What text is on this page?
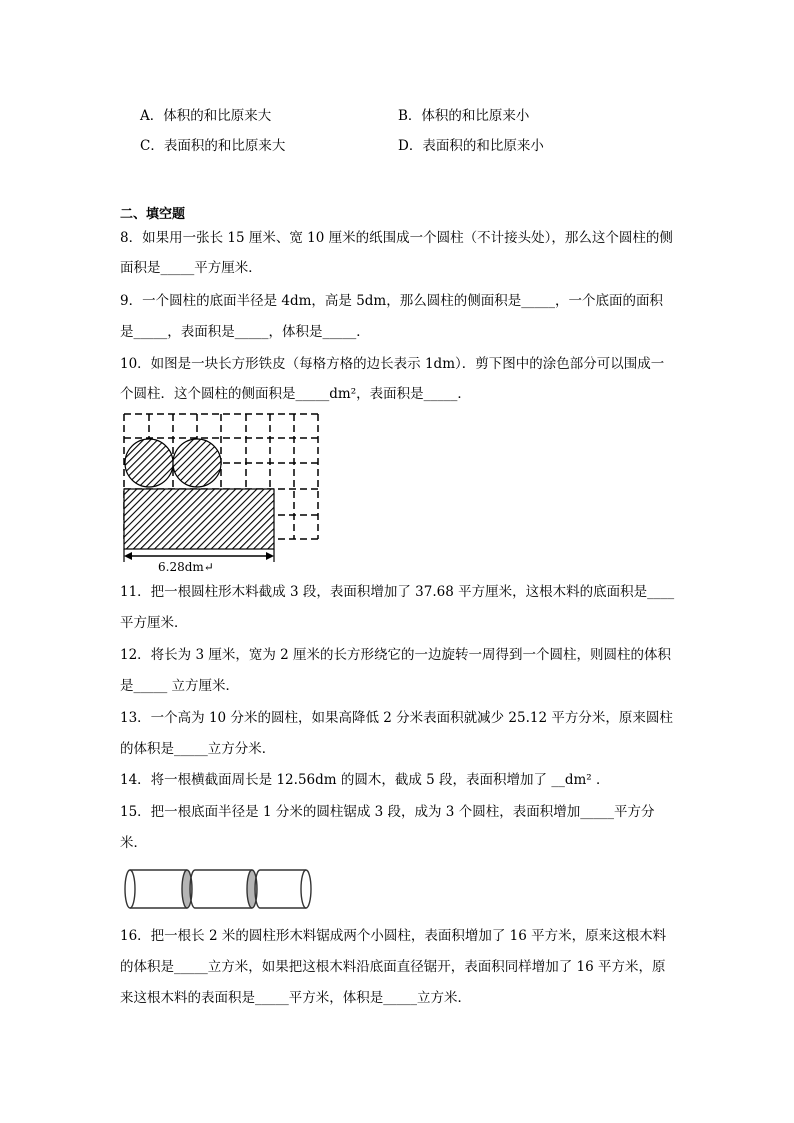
A．体积的和比原来大	B．体积的和比原来小
C．表面积的和比原来大	D．表面积的和比原来小
二、填空题
8．如果用一张长 15 厘米、宽 10 厘米的纸围成一个圆柱（不计接头处），那么这个圆柱的侧
面积是_____平方厘米．
9．一个圆柱的底面半径是 4dm，高是 5dm，那么圆柱的侧面积是_____，一个底面的面积
是_____，表面积是_____，体积是_____．
10．如图是一块长方形铁皮（每格方格的边长表示 1dm）．剪下图中的涂色部分可以围成一
个圆柱．这个圆柱的侧面积是_____dm²，表面积是_____．
6.28dm↵
11．把一根圆柱形木料截成 3 段，表面积增加了 37.68 平方厘米，这根木料的底面积是____
平方厘米．
12．将长为 3 厘米，宽为 2 厘米的长方形绕它的一边旋转一周得到一个圆柱，则圆柱的体积
是_____ 立方厘米．
13．一个高为 10 分米的圆柱，如果高降低 2 分米表面积就减少 25.12 平方分米，原来圆柱
的体积是_____立方分米．
14．将一根横截面周长是 12.56dm 的圆木，截成 5 段，表面积增加了 __dm² ．
15．把一根底面半径是 1 分米的圆柱锯成 3 段，成为 3 个圆柱，表面积增加_____平方分
米．
16．把一根长 2 米的圆柱形木料锯成两个小圆柱，表面积增加了 16 平方米，原来这根木料
的体积是_____立方米，如果把这根木料沿底面直径锯开，表面积同样增加了 16 平方米，原
来这根木料的表面积是_____平方米，体积是_____立方米．
